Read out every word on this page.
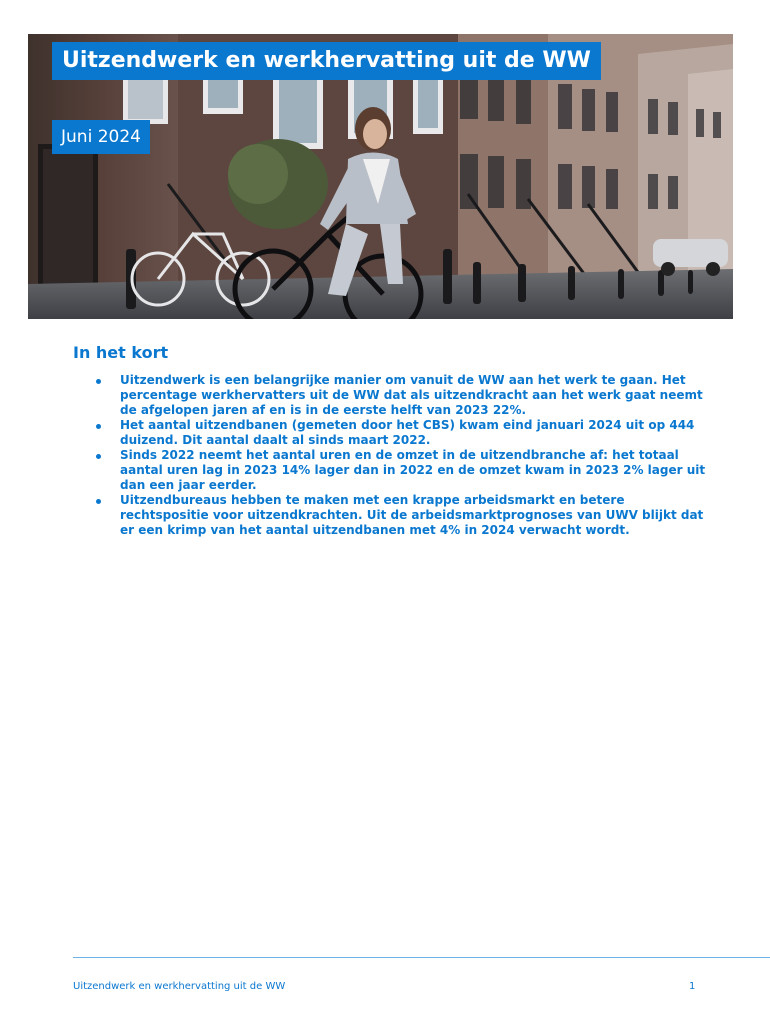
Uitzendwerk en werkhervatting uit de WW
Juni 2024
In het kort
Uitzendwerk is een belangrijke manier om vanuit de WW aan het werk te gaan. Het percentage werkhervatters uit de WW dat als uitzendkracht aan het werk gaat neemt de afgelopen jaren af en is in de eerste helft van 2023 22%.
Het aantal uitzendbanen (gemeten door het CBS) kwam eind januari 2024 uit op 444 duizend. Dit aantal daalt al sinds maart 2022.
Sinds 2022 neemt het aantal uren en de omzet in de uitzendbranche af: het totaal aantal uren lag in 2023 14% lager dan in 2022 en de omzet kwam in 2023 2% lager uit dan een jaar eerder.
Uitzendbureaus hebben te maken met een krappe arbeidsmarkt en betere rechtspositie voor uitzendkrachten. Uit de arbeidsmarktprognoses van UWV blijkt dat er een krimp van het aantal uitzendbanen met 4% in 2024 verwacht wordt.
Uitzendwerk en werkhervatting uit de WW	1
